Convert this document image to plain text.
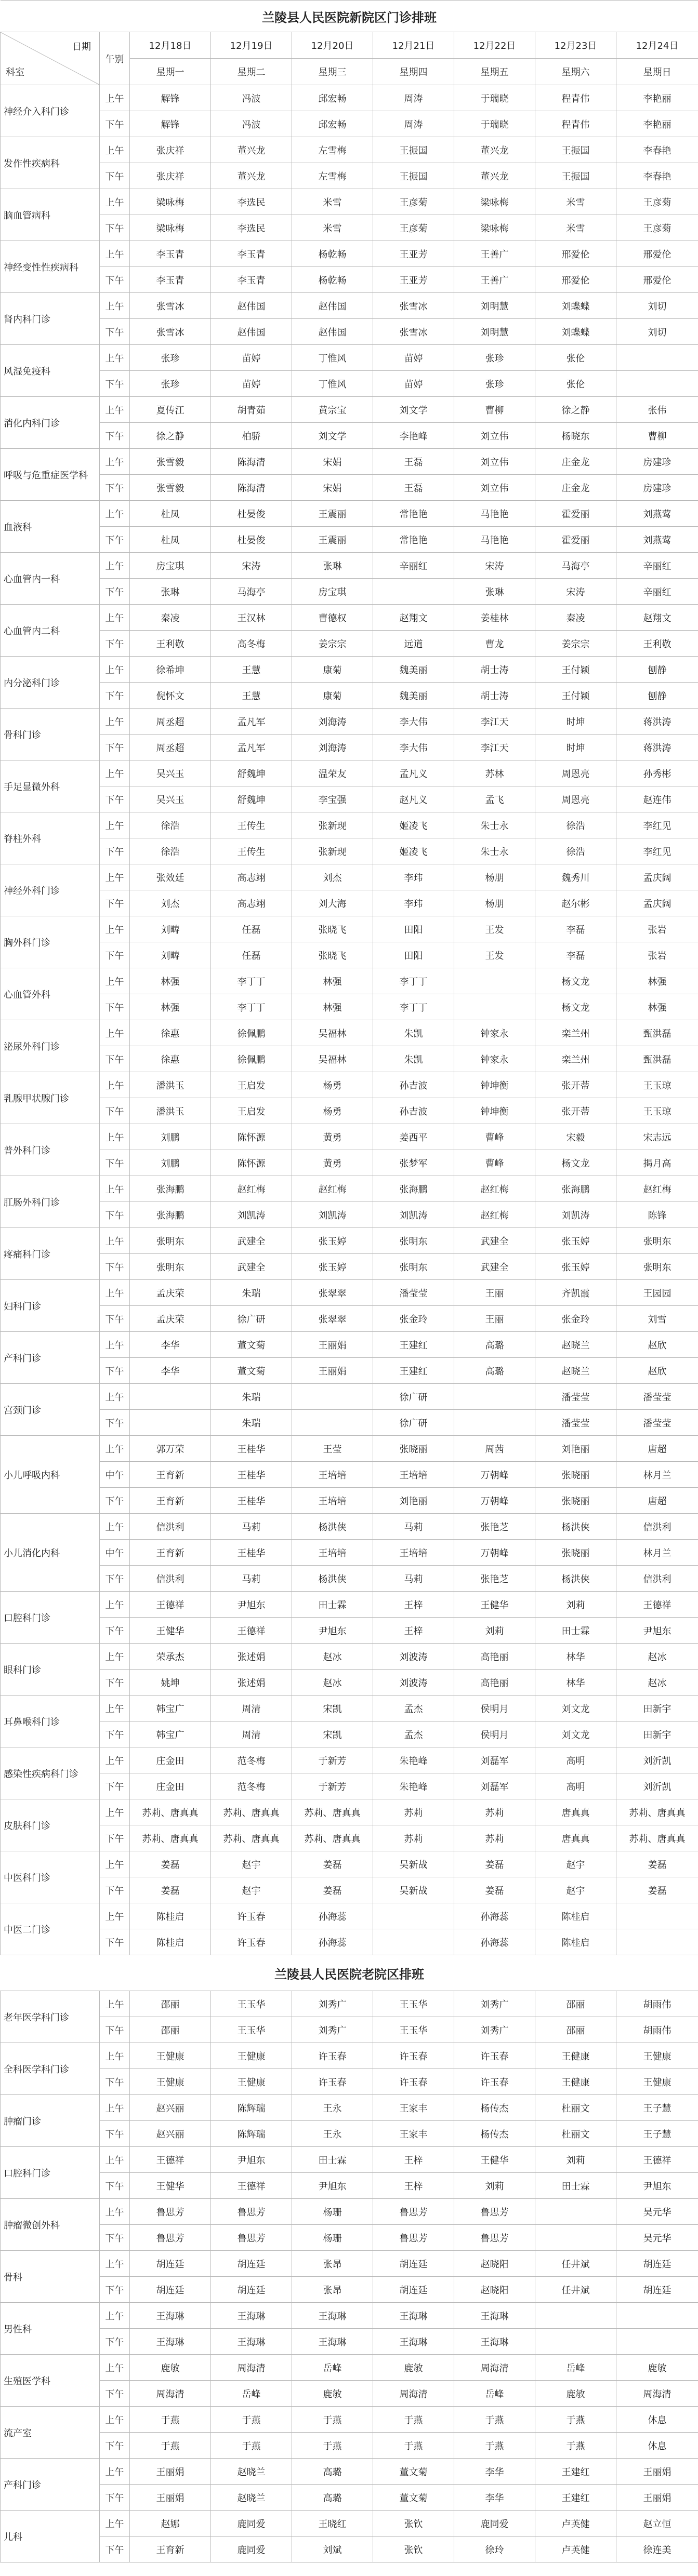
兰陵县人民医院新院区门诊排班								

日期
科室	午别	12月18日	12月19日	12月20日	12月21日	12月22日	12月23日	12月24日
		星期一	星期二	星期三	星期四	星期五	星期六	星期日
神经介入科门诊	上午	解锋	冯波	邱宏畅	周涛	于瑞晓	程青伟	李艳丽
	下午	解锋	冯波	邱宏畅	周涛	于瑞晓	程青伟	李艳丽
发作性疾病科	上午	张庆祥	董兴龙	左雪梅	王振国	董兴龙	王振国	李春艳
	下午	张庆祥	董兴龙	左雪梅	王振国	董兴龙	王振国	李春艳
脑血管病科	上午	梁咏梅	李选民	米雪	王彦菊	梁咏梅	米雪	王彦菊
	下午	梁咏梅	李选民	米雪	王彦菊	梁咏梅	米雪	王彦菊
神经变性性疾病科	上午	李玉青	李玉青	杨乾畅	王亚芳	王善广	邢爱伦	邢爱伦
	下午	李玉青	李玉青	杨乾畅	王亚芳	王善广	邢爱伦	邢爱伦
肾内科门诊	上午	张雪冰	赵伟国	赵伟国	张雪冰	刘明慧	刘蝶蝶	刘切
	下午	张雪冰	赵伟国	赵伟国	张雪冰	刘明慧	刘蝶蝶	刘切
风湿免疫科	上午	张珍	苗婷	丁惟风	苗婷	张珍	张伦	
	下午	张珍	苗婷	丁惟风	苗婷	张珍	张伦	
消化内科门诊	上午	夏传江	胡青茹	黄宗宝	刘文学	曹柳	徐之静	张伟
	下午	徐之静	柏骄	刘文学	李艳峰	刘立伟	杨晓东	曹柳
呼吸与危重症医学科	上午	张雪毅	陈海清	宋娟	王磊	刘立伟	庄金龙	房建珍
	下午	张雪毅	陈海清	宋娟	王磊	刘立伟	庄金龙	房建珍
血液科	上午	杜凤	杜晏俊	王震丽	常艳艳	马艳艳	霍爱丽	刘燕莺
	下午	杜凤	杜晏俊	王震丽	常艳艳	马艳艳	霍爱丽	刘燕莺
心血管内一科	上午	房宝琪	宋涛	张琳	辛丽红	宋涛	马海亭	辛丽红
	下午	张琳	马海亭	房宝琪		张琳	宋涛	辛丽红
心血管内二科	上午	秦凌	王汉林	曹德权	赵翔文	姜桂林	秦凌	赵翔文
	下午	王利敬	高冬梅	姜宗宗	远道	曹龙	姜宗宗	王利敬
内分泌科门诊	上午	徐希坤	王慧	康菊	魏美丽	胡士涛	王付颖	刨静
	下午	倪怀文	王慧	康菊	魏美丽	胡士涛	王付颖	刨静
骨科门诊	上午	周丞超	孟凡军	刘海涛	李大伟	李江天	时坤	蒋洪涛
	下午	周丞超	孟凡军	刘海涛	李大伟	李江天	时坤	蒋洪涛
手足显微外科	上午	吴兴玉	舒魏坤	温荣友	孟凡义	苏林	周恩亮	孙秀彬
	下午	吴兴玉	舒魏坤	李宝强	赵凡义	孟飞	周恩亮	赵连伟
脊柱外科	上午	徐浩	王传生	张新现	姬凌飞	朱士永	徐浩	李红见
	下午	徐浩	王传生	张新现	姬凌飞	朱士永	徐浩	李红见
神经外科门诊	上午	张效廷	高志翊	刘杰	李玮	杨朋	魏秀川	孟庆阔
	下午	刘杰	高志翊	刘大海	李玮	杨朋	赵尔彬	孟庆阔
胸外科门诊	上午	刘畴	任磊	张晓飞	田阳	王发	李磊	张岩
	下午	刘畴	任磊	张晓飞	田阳	王发	李磊	张岩
心血管外科	上午	林强	李丁丁	林强	李丁丁		杨文龙	林强
	下午	林强	李丁丁	林强	李丁丁		杨文龙	林强
泌尿外科门诊	上午	徐惠	徐佩鹏	吴福林	朱凯	钟家永	栾兰州	甄洪磊
	下午	徐惠	徐佩鹏	吴福林	朱凯	钟家永	栾兰州	甄洪磊
乳腺甲状腺门诊	上午	潘洪玉	王启发	杨勇	孙吉波	钟坤衡	张开蒂	王玉琼
	下午	潘洪玉	王启发	杨勇	孙吉波	钟坤衡	张开蒂	王玉琼
普外科门诊	上午	刘鹏	陈怀源	黄勇	姜西平	曹峰	宋毅	宋志远
	下午	刘鹏	陈怀源	黄勇	张梦军	曹峰	杨文龙	揭月高
肛肠外科门诊	上午	张海鹏	赵红梅	赵红梅	张海鹏	赵红梅	张海鹏	赵红梅
	下午	张海鹏	刘凯涛	刘凯涛	刘凯涛	赵红梅	刘凯涛	陈锋
疼痛科门诊	上午	张明东	武建全	张玉婷	张明东	武建全	张玉婷	张明东
	下午	张明东	武建全	张玉婷	张明东	武建全	张玉婷	张明东
妇科门诊	上午	孟庆荣	朱瑞	张翠翠	潘莹莹	王丽	齐凯霞	王园园
	下午	孟庆荣	徐广研	张翠翠	张金玲	王丽	张金玲	刘雪
产科门诊	上午	李华	董文菊	王丽娟	王建红	高璐	赵晓兰	赵欣
	下午	李华	董文菊	王丽娟	王建红	高璐	赵晓兰	赵欣
宫颈门诊	上午		朱瑞		徐广研		潘莹莹	潘莹莹
	下午		朱瑞		徐广研		潘莹莹	潘莹莹
小儿呼吸内科	上午	郭万荣	王桂华	王莹	张晓丽	周茜	刘艳丽	唐超
	中午	王育新	王桂华	王培培	王培培	万朝峰	张晓丽	林月兰
	下午	王育新	王桂华	王培培	刘艳丽	万朝峰	张晓丽	唐超
小儿消化内科	上午	信洪利	马莉	杨洪侠	马莉	张艳芝	杨洪侠	信洪利
	中午	王育新	王桂华	王培培	王培培	万朝峰	张晓丽	林月兰
	下午	信洪利	马莉	杨洪侠	马莉	张艳芝	杨洪侠	信洪利
口腔科门诊	上午	王德祥	尹旭东	田士霖	王梓	王健华	刘莉	王德祥
	下午	王健华	王德祥	尹旭东	王梓	刘莉	田士霖	尹旭东
眼科门诊	上午	荣承杰	张述娟	赵冰	刘波涛	高艳丽	林华	赵冰
	下午	姚坤	张述娟	赵冰	刘波涛	高艳丽	林华	赵冰
耳鼻喉科门诊	上午	韩宝广	周清	宋凯	孟杰	侯明月	刘文龙	田新宇
	下午	韩宝广	周清	宋凯	孟杰	侯明月	刘文龙	田新宇
感染性疾病科门诊	上午	庄金田	范冬梅	于新芳	朱艳峰	刘磊军	高明	刘沂凯
	下午	庄金田	范冬梅	于新芳	朱艳峰	刘磊军	高明	刘沂凯
皮肤科门诊	上午	苏莉、唐真真	苏莉、唐真真	苏莉、唐真真	苏莉	苏莉	唐真真	苏莉、唐真真
	下午	苏莉、唐真真	苏莉、唐真真	苏莉、唐真真	苏莉	苏莉	唐真真	苏莉、唐真真
中医科门诊	上午	姜磊	赵宇	姜磊	吴新战	姜磊	赵宇	姜磊
	下午	姜磊	赵宇	姜磊	吴新战	姜磊	赵宇	姜磊
中医二门诊	上午	陈桂启	许玉春	孙海蕊		孙海蕊	陈桂启	
	下午	陈桂启	许玉春	孙海蕊		孙海蕊	陈桂启	
兰陵县人民医院老院区排班								
老年医学科门诊	上午	邵丽	王玉华	刘秀广	王玉华	刘秀广	邵丽	胡雨伟
	下午	邵丽	王玉华	刘秀广	王玉华	刘秀广	邵丽	胡雨伟
全科医学科门诊	上午	王健康	王健康	许玉春	许玉春	许玉春	王健康	王健康
	下午	王健康	王健康	许玉春	许玉春	许玉春	王健康	王健康
肿瘤门诊	上午	赵兴丽	陈辉瑞	王永	王家丰	杨传杰	杜丽文	王子慧
	下午	赵兴丽	陈辉瑞	王永	王家丰	杨传杰	杜丽文	王子慧
口腔科门诊	上午	王德祥	尹旭东	田士霖	王梓	王健华	刘莉	王德祥
	下午	王健华	王德祥	尹旭东	王梓	刘莉	田士霖	尹旭东
肿瘤微创外科	上午	鲁思芳	鲁思芳	杨珊	鲁思芳	鲁思芳		吴元华
	下午	鲁思芳	鲁思芳	杨珊	鲁思芳	鲁思芳		吴元华
骨科	上午	胡连廷	胡连廷	张昂	胡连廷	赵晓阳	任井斌	胡连廷
	下午	胡连廷	胡连廷	张昂	胡连廷	赵晓阳	任井斌	胡连廷
男性科	上午	王海琳	王海琳	王海琳	王海琳	王海琳		
	下午	王海琳	王海琳	王海琳	王海琳	王海琳		
生殖医学科	上午	鹿敏	周海清	岳峰	鹿敏	周海清	岳峰	鹿敏
	下午	周海清	岳峰	鹿敏	周海清	岳峰	鹿敏	周海清
流产室	上午	于燕	于燕	于燕	于燕	于燕	于燕	休息
	下午	于燕	于燕	于燕	于燕	于燕	于燕	休息
产科门诊	上午	王丽娟	赵晓兰	高璐	董文菊	李华	王建红	王丽娟
	下午	王丽娟	赵晓兰	高璐	董文菊	李华	王建红	王丽娟
儿科	上午	赵娜	鹿同爱	王晓红	张钦	鹿同爱	卢英健	赵立恒
	下午	王育新	鹿同爱	刘斌	张钦	徐玲	卢英健	徐连美
